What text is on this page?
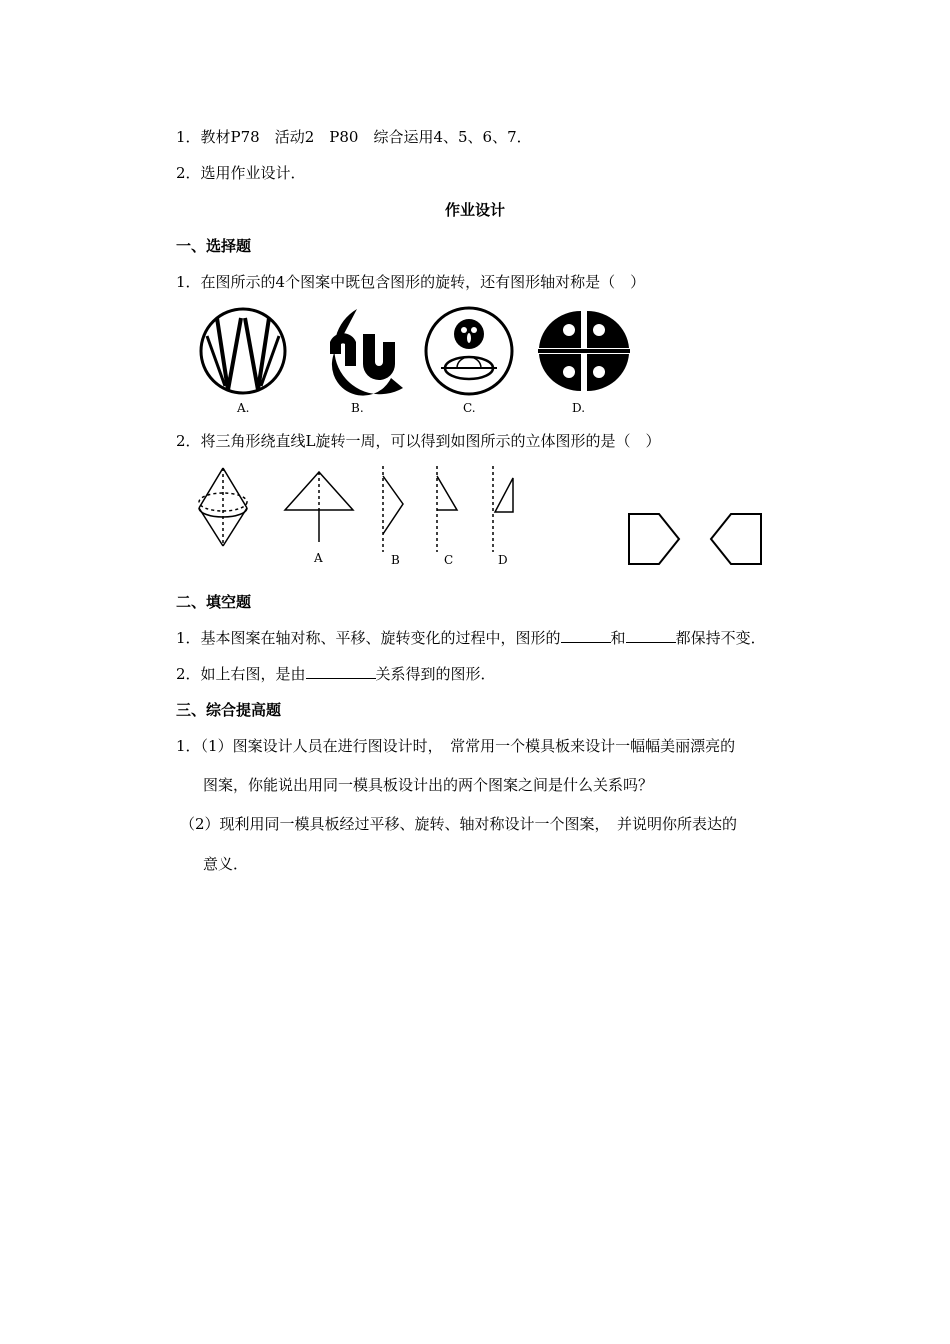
1．教材P78　活动2　P80　综合运用4、5、6、7．
2．选用作业设计．
作业设计
一、选择题
1．在图所示的4个图案中既包含图形的旋转，还有图形轴对称是（　）
A.	B.	C.	D.
2．将三角形绕直线L旋转一周，可以得到如图所示的立体图形的是（　）
A	B	C	D
二、填空题
1．基本图案在轴对称、平移、旋转变化的过程中，图形的	和	都保持不变．
2．如上右图，是由	关系得到的图形．
三、综合提高题
1．（1）图案设计人员在进行图设计时，　常常用一个模具板来设计一幅幅美丽漂亮的
图案，你能说出用同一模具板设计出的两个图案之间是什么关系吗？
（2）现利用同一模具板经过平移、旋转、轴对称设计一个图案，　并说明你所表达的
意义．
